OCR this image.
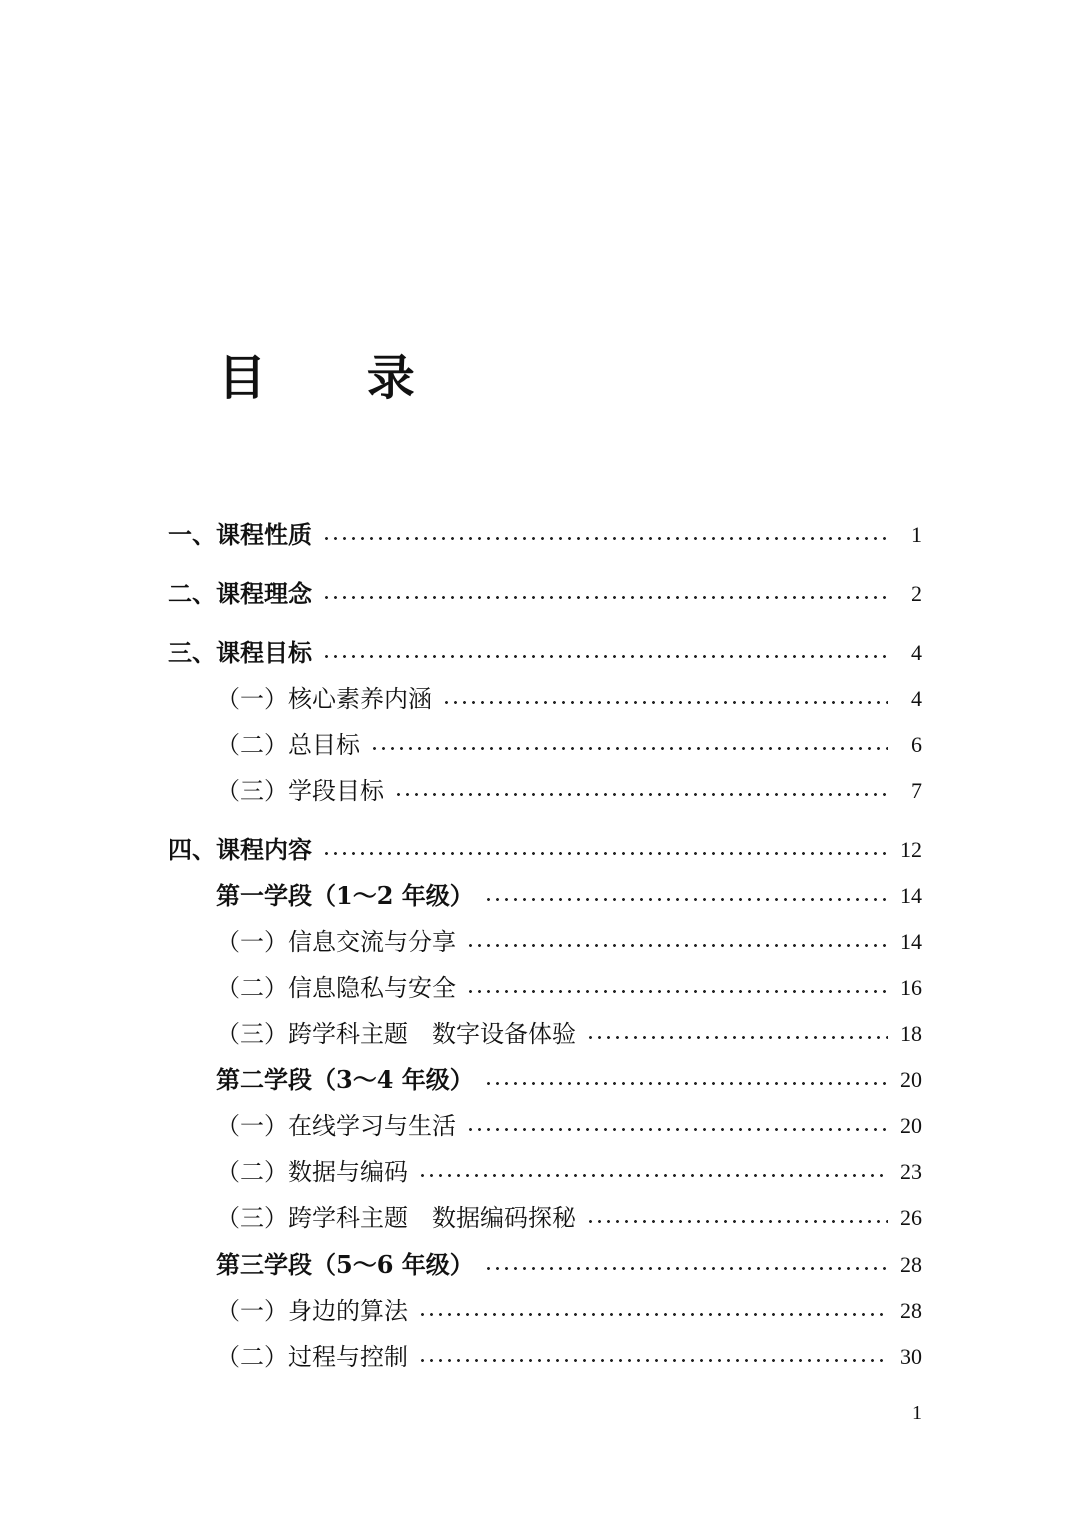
目 录
一、课程性质	1
二、课程理念	2
三、课程目标	4
（一）核心素养内涵	4
（二）总目标	6
（三）学段目标	7
四、课程内容	12
第一学段（1～2 年级）	14
（一）信息交流与分享	14
（二）信息隐私与安全	16
（三）跨学科主题 数字设备体验	18
第二学段（3～4 年级）	20
（一）在线学习与生活	20
（二）数据与编码	23
（三）跨学科主题 数据编码探秘	26
第三学段（5～6 年级）	28
（一）身边的算法	28
（二）过程与控制	30
1
